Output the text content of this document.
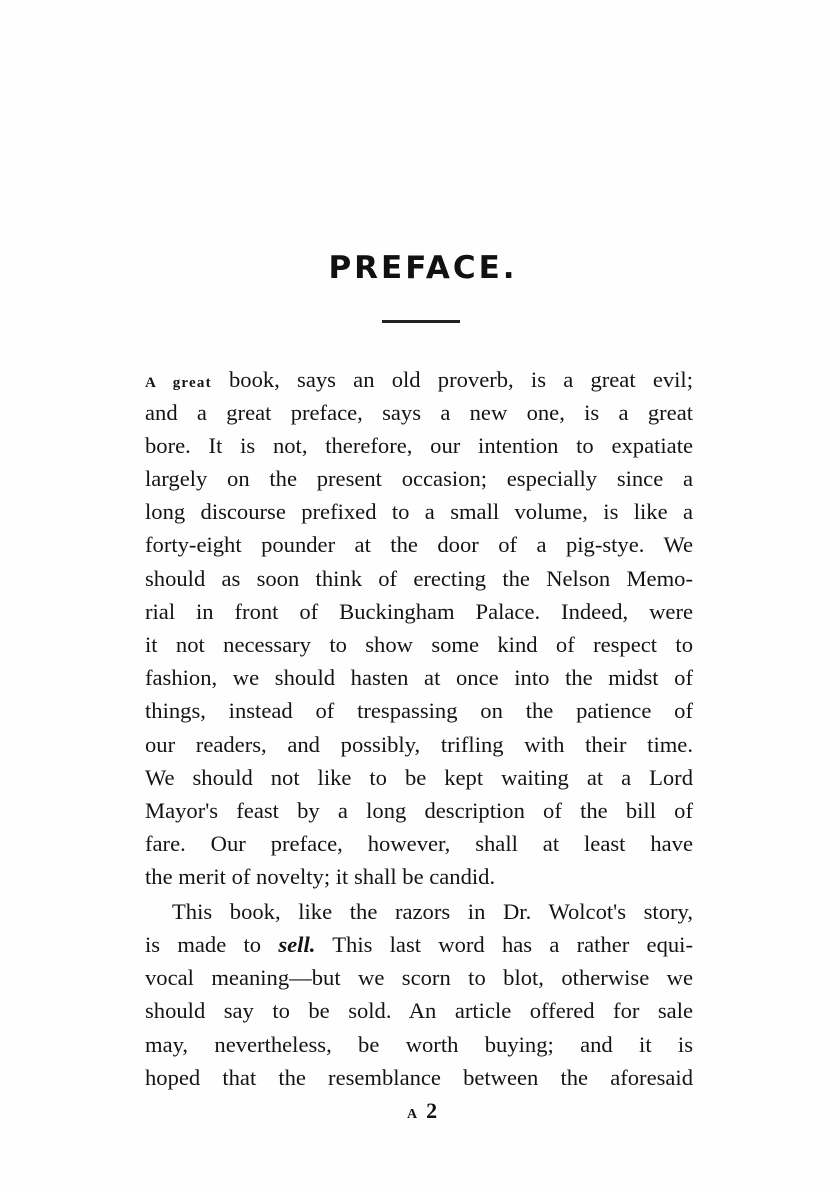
PREFACE.
A great book, says an old proverb, is a great evil;
and a great preface, says a new one, is a great
bore. It is not, therefore, our intention to expatiate
largely on the present occasion; especially since a
long discourse prefixed to a small volume, is like a
forty-eight pounder at the door of a pig-stye. We
should as soon think of erecting the Nelson Memo-
rial in front of Buckingham Palace. Indeed, were
it not necessary to show some kind of respect to
fashion, we should hasten at once into the midst of
things, instead of trespassing on the patience of
our readers, and possibly, trifling with their time.
We should not like to be kept waiting at a Lord
Mayor's feast by a long description of the bill of
fare. Our preface, however, shall at least have
the merit of novelty; it shall be candid.
This book, like the razors in Dr. Wolcot's story,
is made to sell. This last word has a rather equi-
vocal meaning—but we scorn to blot, otherwise we
should say to be sold. An article offered for sale
may, nevertheless, be worth buying; and it is
hoped that the resemblance between the aforesaid
A 2
